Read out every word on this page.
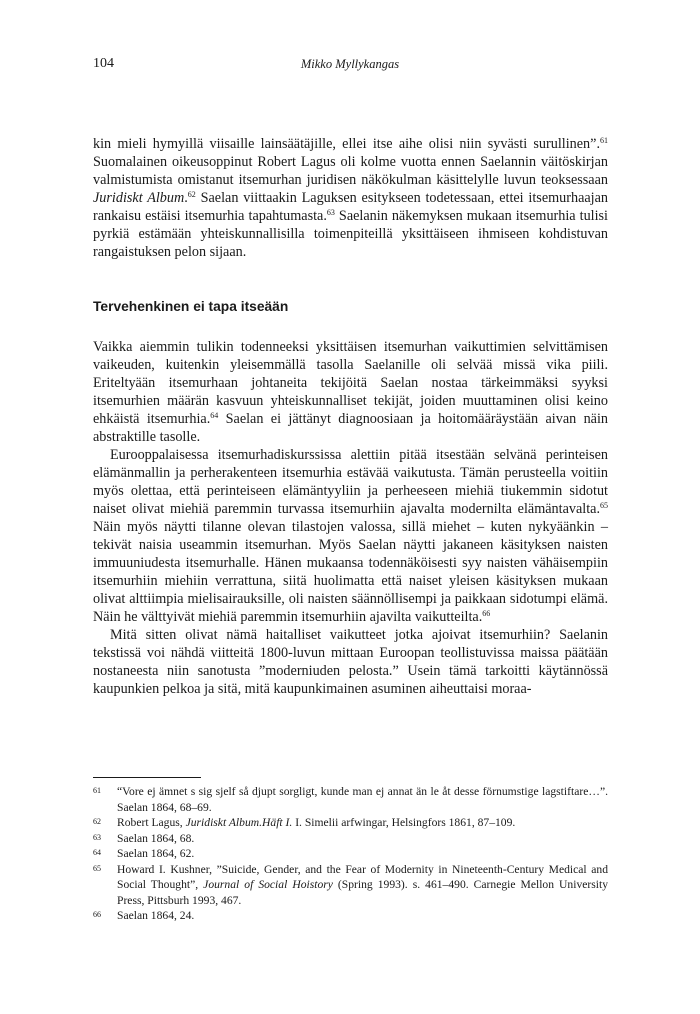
104	Mikko Myllykangas

kin mieli hymyillä viisaille lainsäätäjille, ellei itse aihe olisi niin syvästi surullinen”.$^{61}$ Suomalainen oikeusoppinut Robert Lagus oli kolme vuotta ennen Saelannin väitöskirjan valmistumista omistanut itsemurhan juridisen näkökulman käsittelylle luvun teoksessaan Juridiskt Album.$^{62}$ Saelan viittaakin Laguksen esitykseen todetessaan, ettei itsemurhaajan rankaisu estäisi itsemurhia tapahtumasta.$^{63}$ Saelanin näkemyksen mukaan itsemurhia tulisi pyrkiä estämään yhteiskunnallisilla toimenpiteillä yksittäiseen ihmiseen kohdistuvan rangaistuksen pelon sijaan.

Tervehenkinen ei tapa itseään

Vaikka aiemmin tulikin todenneeksi yksittäisen itsemurhan vaikuttimien selvittämisen vaikeuden, kuitenkin yleisemmällä tasolla Saelanille oli selvää missä vika piili. Eriteltyään itsemurhaan johtaneita tekijöitä Saelan nostaa tärkeimmäksi syyksi itsemurhien määrän kasvuun yhteiskunnalliset tekijät, joiden muuttaminen olisi keino ehkäistä itsemurhia.$^{64}$ Saelan ei jättänyt diagnoosiaan ja hoitomääräystään aivan näin abstraktille tasolle.

Eurooppalaisessa itsemurhadiskurssissa alettiin pitää itsestään selvänä perinteisen elämänmallin ja perherakenteen itsemurhia estävää vaikutusta. Tämän perusteella voitiin myös olettaa, että perinteiseen elämäntyyliin ja perheeseen miehiä tiukemmin sidotut naiset olivat miehiä paremmin turvassa itsemurhiin ajavalta modernilta elämäntavalta.$^{65}$ Näin myös näytti tilanne olevan tilastojen valossa, sillä miehet – kuten nykyäänkin – tekivät naisia useammin itsemurhan. Myös Saelan näytti jakaneen käsityksen naisten immuuniudesta itsemurhalle. Hänen mukaansa todennäköisesti syy naisten vähäisempiin itsemurhiin miehiin verrattuna, siitä huolimatta että naiset yleisen käsityksen mukaan olivat alttiimpia mielisairauksille, oli naisten säännöllisempi ja paikkaan sidotumpi elämä. Näin he välttyivät miehiä paremmin itsemurhiin ajavilta vaikutteilta.$^{66}$

Mitä sitten olivat nämä haitalliset vaikutteet jotka ajoivat itsemurhiin? Saelanin tekstissä voi nähdä viitteitä 1800-luvun mittaan Euroopan teollistuvissa maissa päätään nostaneesta niin sanotusta ”moderniuden pelosta.” Usein tämä tarkoitti käytännössä kaupunkien pelkoa ja sitä, mitä kaupunkimainen asuminen aiheuttaisi moraa-

61	“Vore ej ämnet s sig sjelf så djupt sorgligt, kunde man ej annat än le åt desse förnumstige lagstiftare…”. Saelan 1864, 68–69.
62	Robert Lagus, Juridiskt Album.Häft I. I. Simelii arfwingar, Helsingfors 1861, 87–109.
63	Saelan 1864, 68.
64	Saelan 1864, 62.
65	Howard I. Kushner, ”Suicide, Gender, and the Fear of Modernity in Nineteenth-Century Medical and Social Thought”, Journal of Social Hoistory (Spring 1993). s. 461–490. Carnegie Mellon University Press, Pittsburh 1993, 467.
66	Saelan 1864, 24.
